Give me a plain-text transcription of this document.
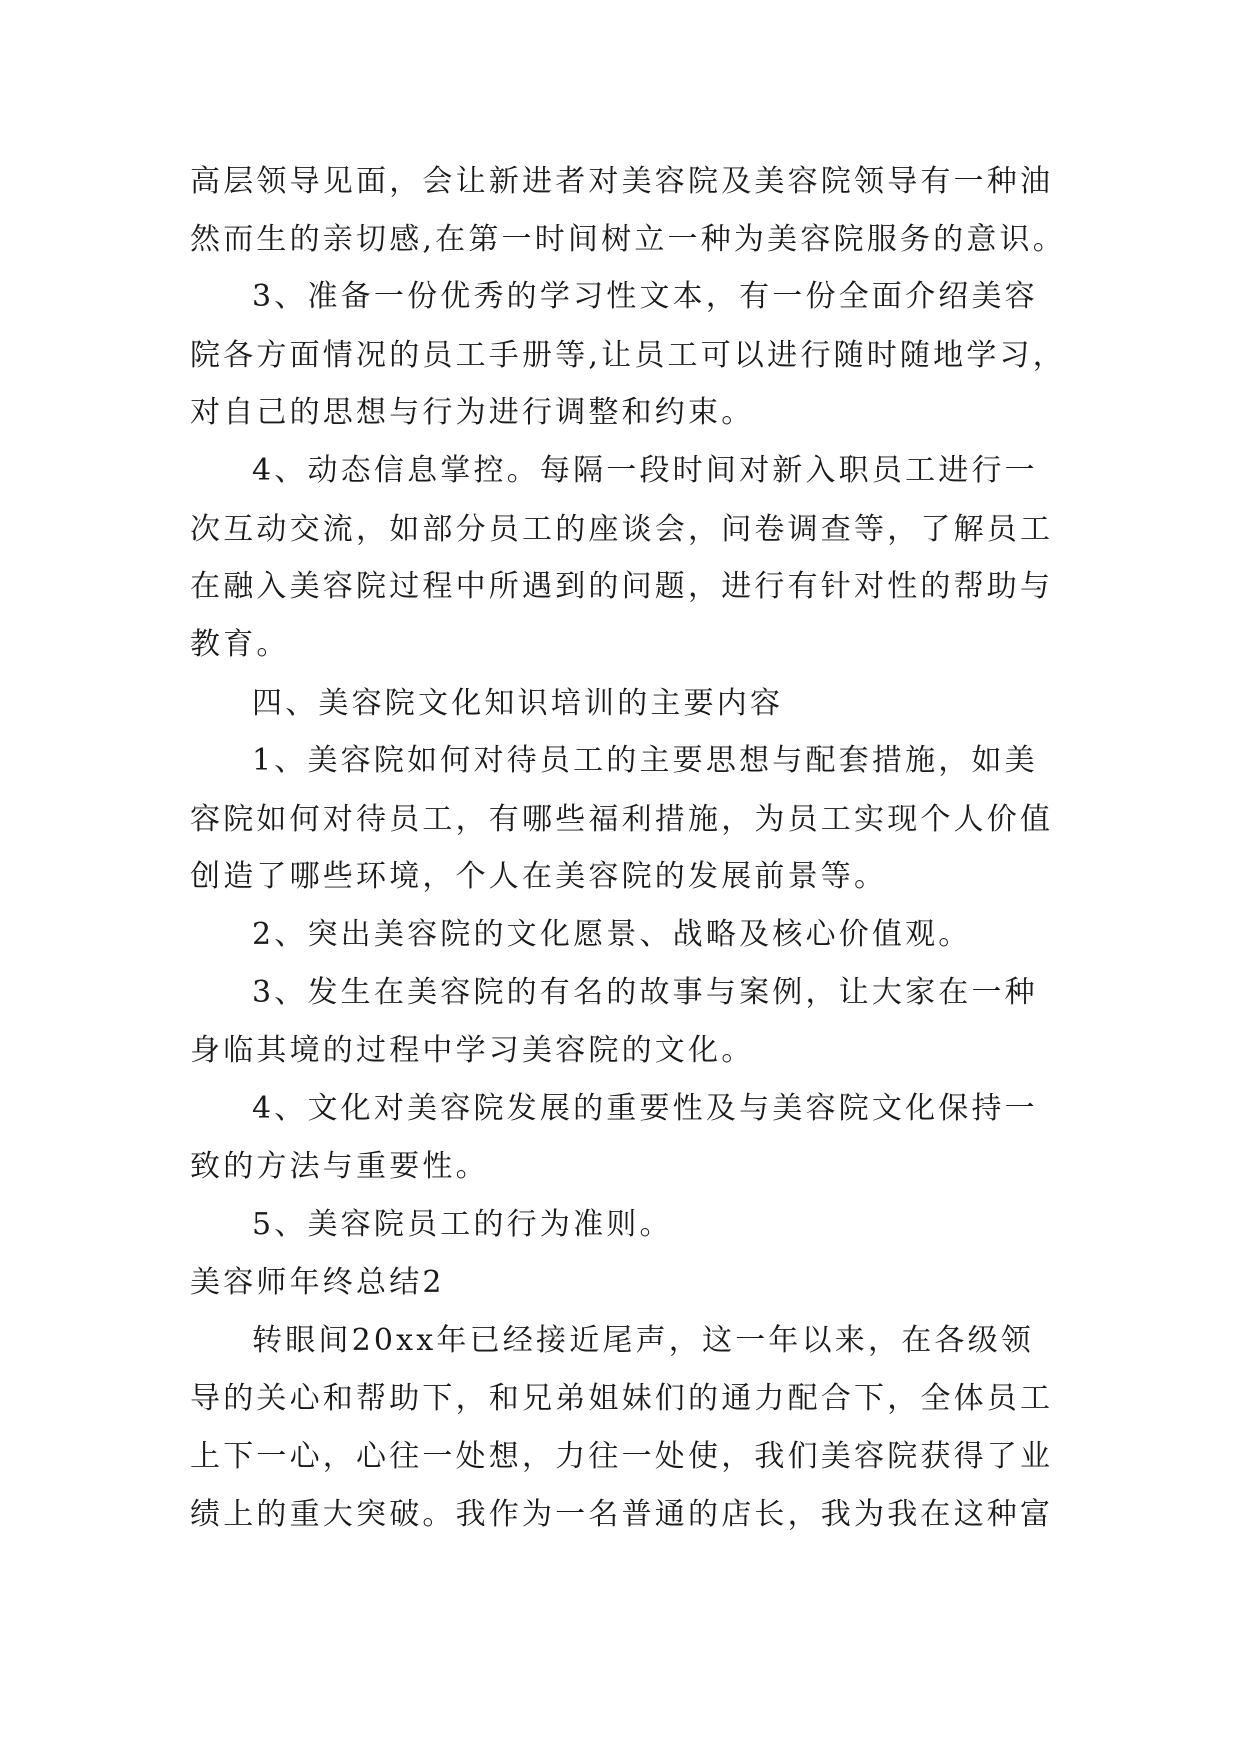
高层领导见面，会让新进者对美容院及美容院领导有一种油
然而生的亲切感,在第一时间树立一种为美容院服务的意识。
3、准备一份优秀的学习性文本，有一份全面介绍美容
院各方面情况的员工手册等,让员工可以进行随时随地学习，
对自己的思想与行为进行调整和约束。
4、动态信息掌控。每隔一段时间对新入职员工进行一
次互动交流，如部分员工的座谈会，问卷调查等，了解员工
在融入美容院过程中所遇到的问题，进行有针对性的帮助与
教育。
四、美容院文化知识培训的主要内容
1、美容院如何对待员工的主要思想与配套措施，如美
容院如何对待员工，有哪些福利措施，为员工实现个人价值
创造了哪些环境，个人在美容院的发展前景等。
2、突出美容院的文化愿景、战略及核心价值观。
3、发生在美容院的有名的故事与案例，让大家在一种
身临其境的过程中学习美容院的文化。
4、文化对美容院发展的重要性及与美容院文化保持一
致的方法与重要性。
5、美容院员工的行为准则。
美容师年终总结2
转眼间20xx年已经接近尾声，这一年以来，在各级领
导的关心和帮助下，和兄弟姐妹们的通力配合下，全体员工
上下一心，心往一处想，力往一处使，我们美容院获得了业
绩上的重大突破。我作为一名普通的店长，我为我在这种富
